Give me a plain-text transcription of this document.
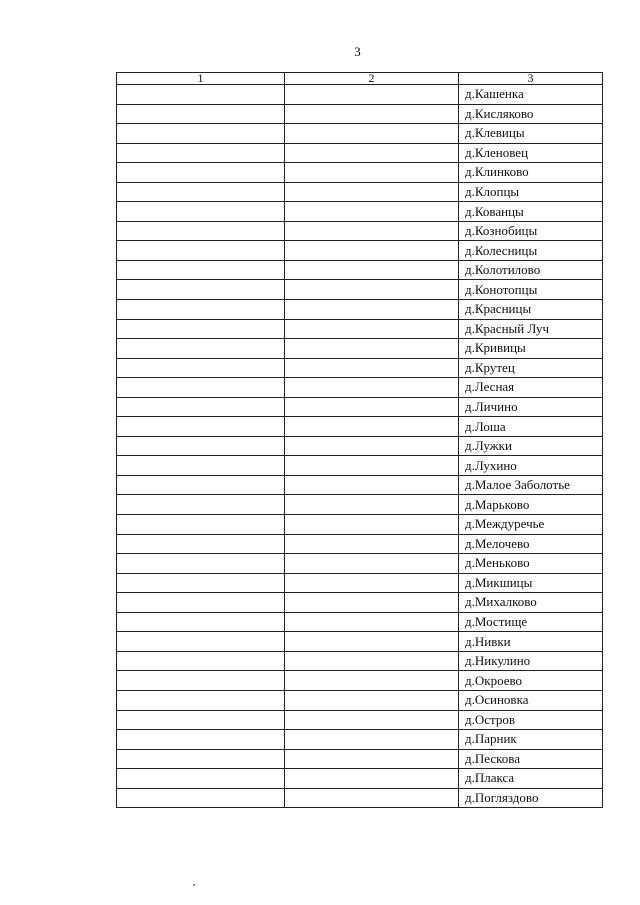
3
1	2	3
		д.Кашенка
		д.Кисляково
		д.Клевицы
		д.Кленовец
		д.Клинково
		д.Клопцы
		д.Кованцы
		д.Кознобицы
		д.Колесницы
		д.Колотилово
		д.Конотопцы
		д.Красницы
		д.Красный Луч
		д.Кривицы
		д.Крутец
		д.Лесная
		д.Личино
		д.Лоша
		д.Лужки
		д.Лухино
		д.Малое Заболотье
		д.Марьково
		д.Междуречье
		д.Мелочево
		д.Меньково
		д.Микшицы
		д.Михалково
		д.Мостище
		д.Нивки
		д.Никулино
		д.Окроево
		д.Осиновка
		д.Остров
		д.Парник
		д.Пескова
		д.Плакса
		д.Погляздово
